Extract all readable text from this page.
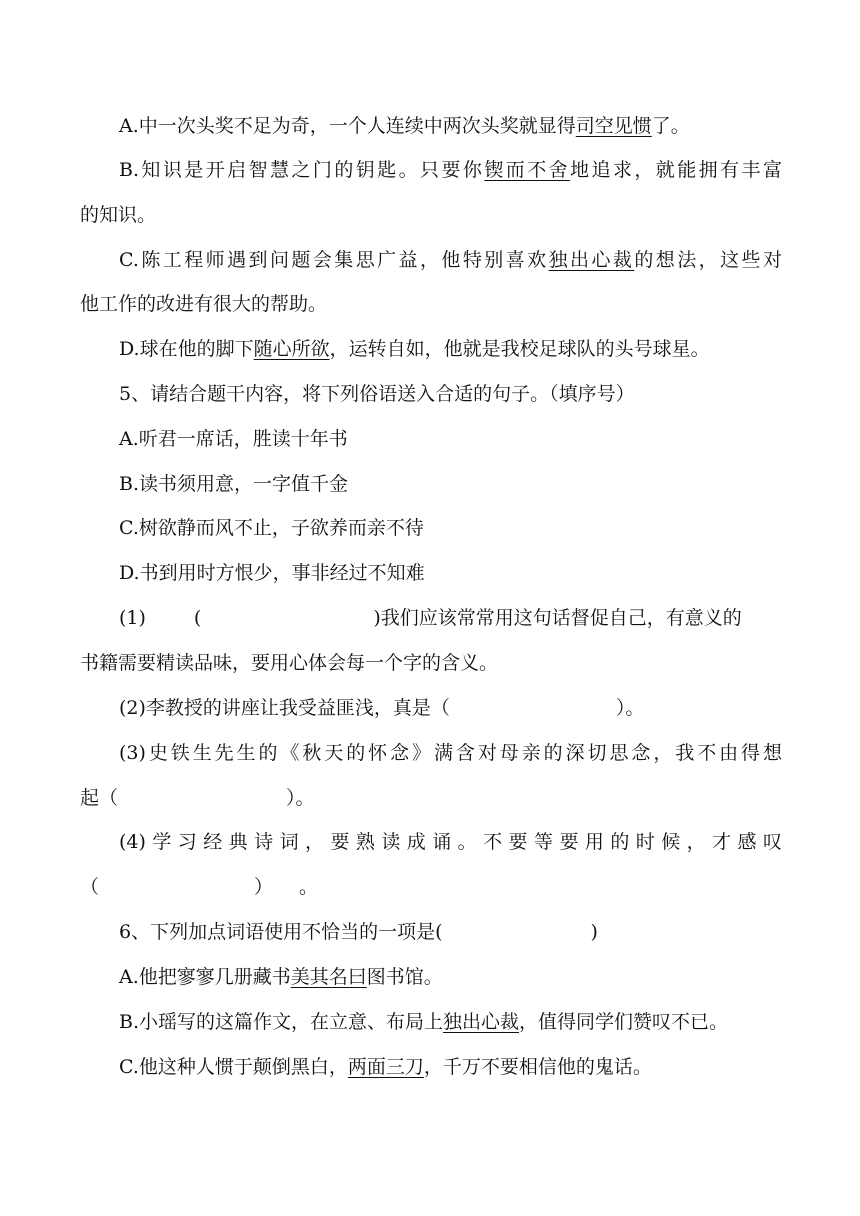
A.中一次头奖不足为奇，一个人连续中两次头奖就显得司空见惯了。
B.知识是开启智慧之门的钥匙。只要你锲而不舍地追求，就能拥有丰富
的知识。
C.陈工程师遇到问题会集思广益，他特别喜欢独出心裁的想法，这些对
他工作的改进有很大的帮助。
D.球在他的脚下随心所欲，运转自如，他就是我校足球队的头号球星。
5、请结合题干内容，将下列俗语送入合适的句子。（填序号）
A.听君一席话，胜读十年书
B.读书须用意，一字值千金
C.树欲静而风不止，子欲养而亲不待
D.书到用时方恨少，事非经过不知难
(1)	(	)我们应该常常用这句话督促自己，有意义的
书籍需要精读品味，要用心体会每一个字的含义。
(2)李教授的讲座让我受益匪浅，真是（	）。
(3)史铁生先生的《秋天的怀念》满含对母亲的深切思念，我不由得想
起（	）。
(4)学习经典诗词，要熟读成诵。不要等要用的时候，才感叹
（	） 。
6、下列加点词语使用不恰当的一项是(	)
A.他把寥寥几册藏书美其名曰图书馆。
B.小瑶写的这篇作文，在立意、布局上独出心裁，值得同学们赞叹不已。
C.他这种人惯于颠倒黑白，两面三刀，千万不要相信他的鬼话。
